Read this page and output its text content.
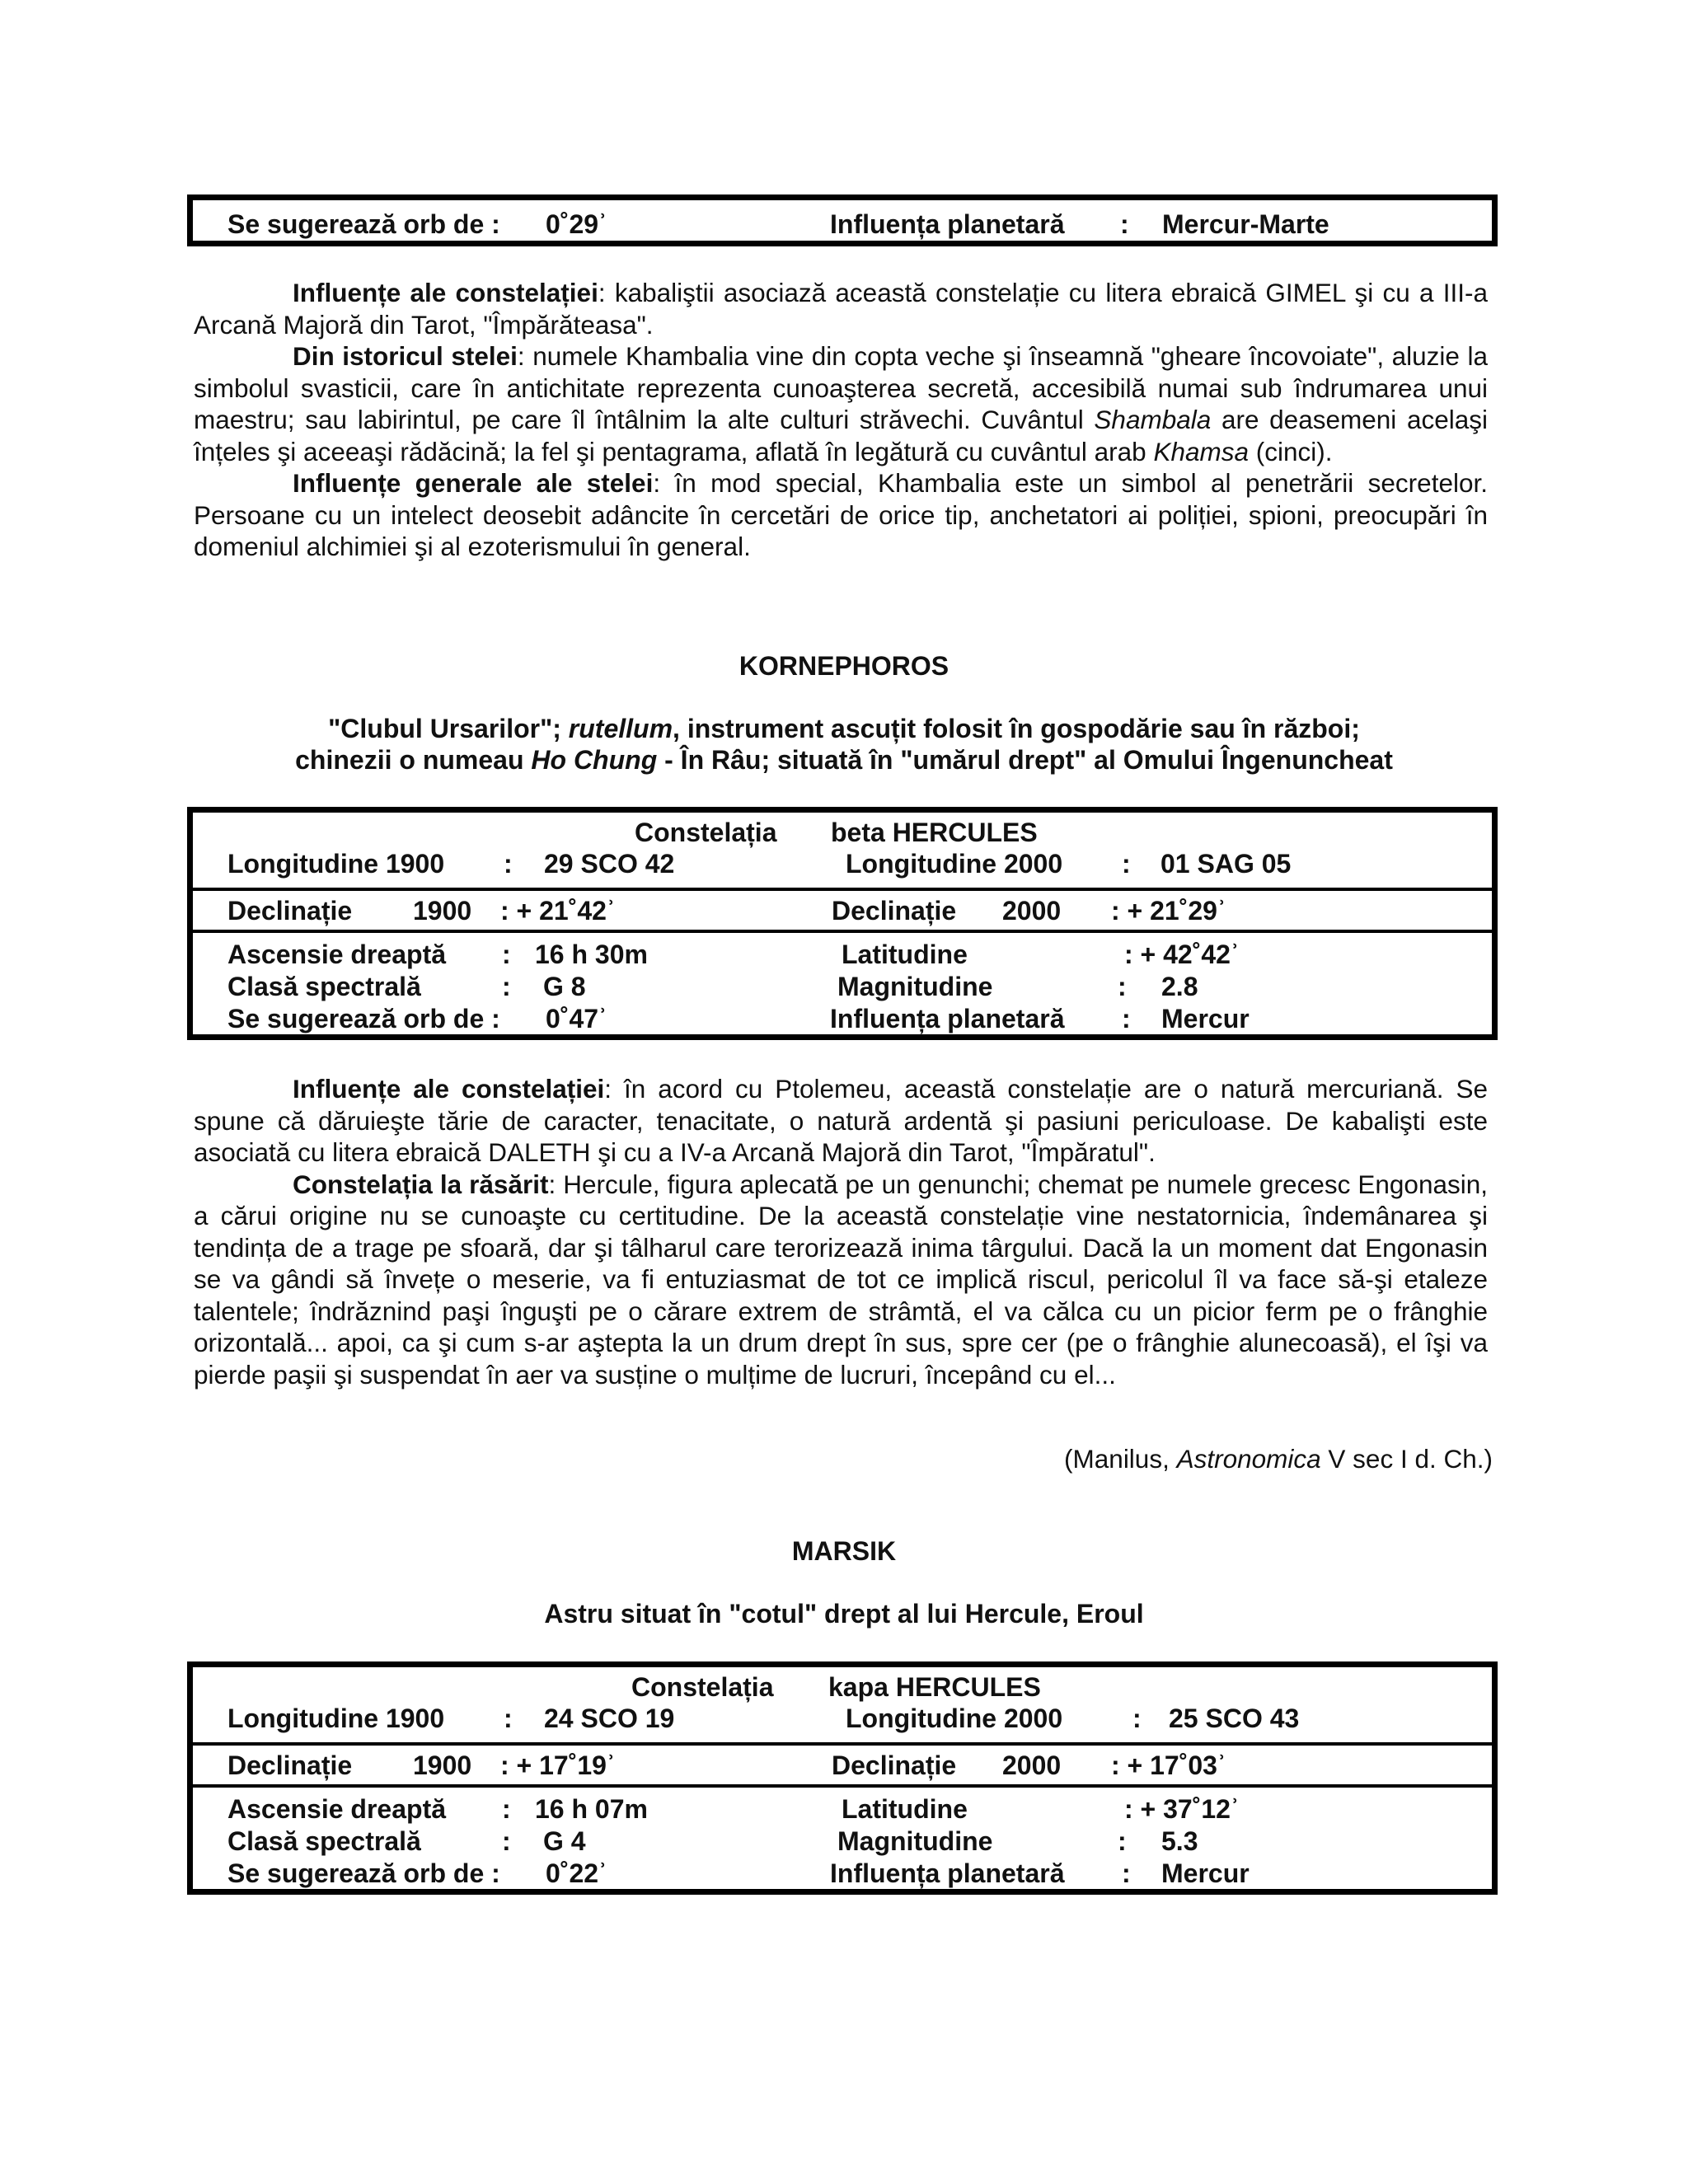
Se sugerează orb de : 0˚29ʾ	Influența planetară : Mercur-Marte

Influențe ale constelației: kabaliştii asociază această constelație cu litera ebraică GIMEL şi cu a III-a Arcană Majoră din Tarot, "Împărăteasa".

Din istoricul stelei: numele Khambalia vine din copta veche şi înseamnă "gheare încovoiate", aluzie la simbolul svasticii, care în antichitate reprezenta cunoaşterea secretă, accesibilă numai sub îndrumarea unui maestru; sau labirintul, pe care îl întâlnim la alte culturi străvechi. Cuvântul Shambala are deasemeni acelaşi înțeles şi aceeaşi rădăcină; la fel şi pentagrama, aflată în legătură cu cuvântul arab Khamsa (cinci).

Influențe generale ale stelei: în mod special, Khambalia este un simbol al penetrării secretelor. Persoane cu un intelect deosebit adâncite în cercetări de orice tip, anchetatori ai poliției, spioni, preocupări în domeniul alchimiei şi al ezoterismului în general.

KORNEPHOROS
"Clubul Ursarilor"; rutellum, instrument ascuțit folosit în gospodărie sau în război;
chinezii o numeau Ho Chung - În Râu; situată în "umărul drept" al Omului Îngenuncheat
Constelația beta HERCULES
Longitudine 1900 : 29 SCO 42	Longitudine 2000 : 01 SAG 05
Declinație 1900 : + 21˚42ʾ	Declinație 2000 : + 21˚29ʾ
Ascensie dreaptă : 16 h 30m	Latitudine	: + 42˚42ʾ
Clasă spectrală	: G 8	Magnitudine	: 2.8
Se sugerează orb de : 0˚47ʾ	Influența planetară : Mercur

Influențe ale constelației: în acord cu Ptolemeu, această constelație are o natură mercuriană. Se spune că dăruieşte tărie de caracter, tenacitate, o natură ardentă şi pasiuni periculoase. De kabalişti este asociată cu litera ebraică DALETH şi cu a IV-a Arcană Majoră din Tarot, "Împăratul".

Constelația la răsărit: Hercule, figura aplecată pe un genunchi; chemat pe numele grecesc Engonasin, a cărui origine nu se cunoaşte cu certitudine. De la această constelație vine nestatornicia, îndemânarea şi tendința de a trage pe sfoară, dar şi tâlharul care terorizează inima târgului. Dacă la un moment dat Engonasin se va gândi să învețe o meserie, va fi entuziasmat de tot ce implică riscul, pericolul îl va face să-şi etaleze talentele; îndrăznind paşi înguşti pe o cărare extrem de strâmtă, el va călca cu un picior ferm pe o frânghie orizontală... apoi, ca şi cum s-ar aştepta la un drum drept în sus, spre cer (pe o frânghie alunecoasă), el îşi va pierde paşii şi suspendat în aer va susține o mulțime de lucruri, începând cu el...

(Manilus, Astronomica V sec I d. Ch.)
MARSIK
Astru situat în "cotul" drept al lui Hercule, Eroul
Constelația kapa HERCULES
Longitudine 1900 : 24 SCO 19	Longitudine 2000	: 25 SCO 43
Declinație 1900 : + 17˚19ʾ	Declinație 2000 : + 17˚03ʾ
Ascensie dreaptă : 16 h 07m	Latitudine	: + 37˚12ʾ
Clasă spectrală	: G 4	Magnitudine	: 5.3
Se sugerează orb de : 0˚22ʾ	Influența planetară : Mercur
